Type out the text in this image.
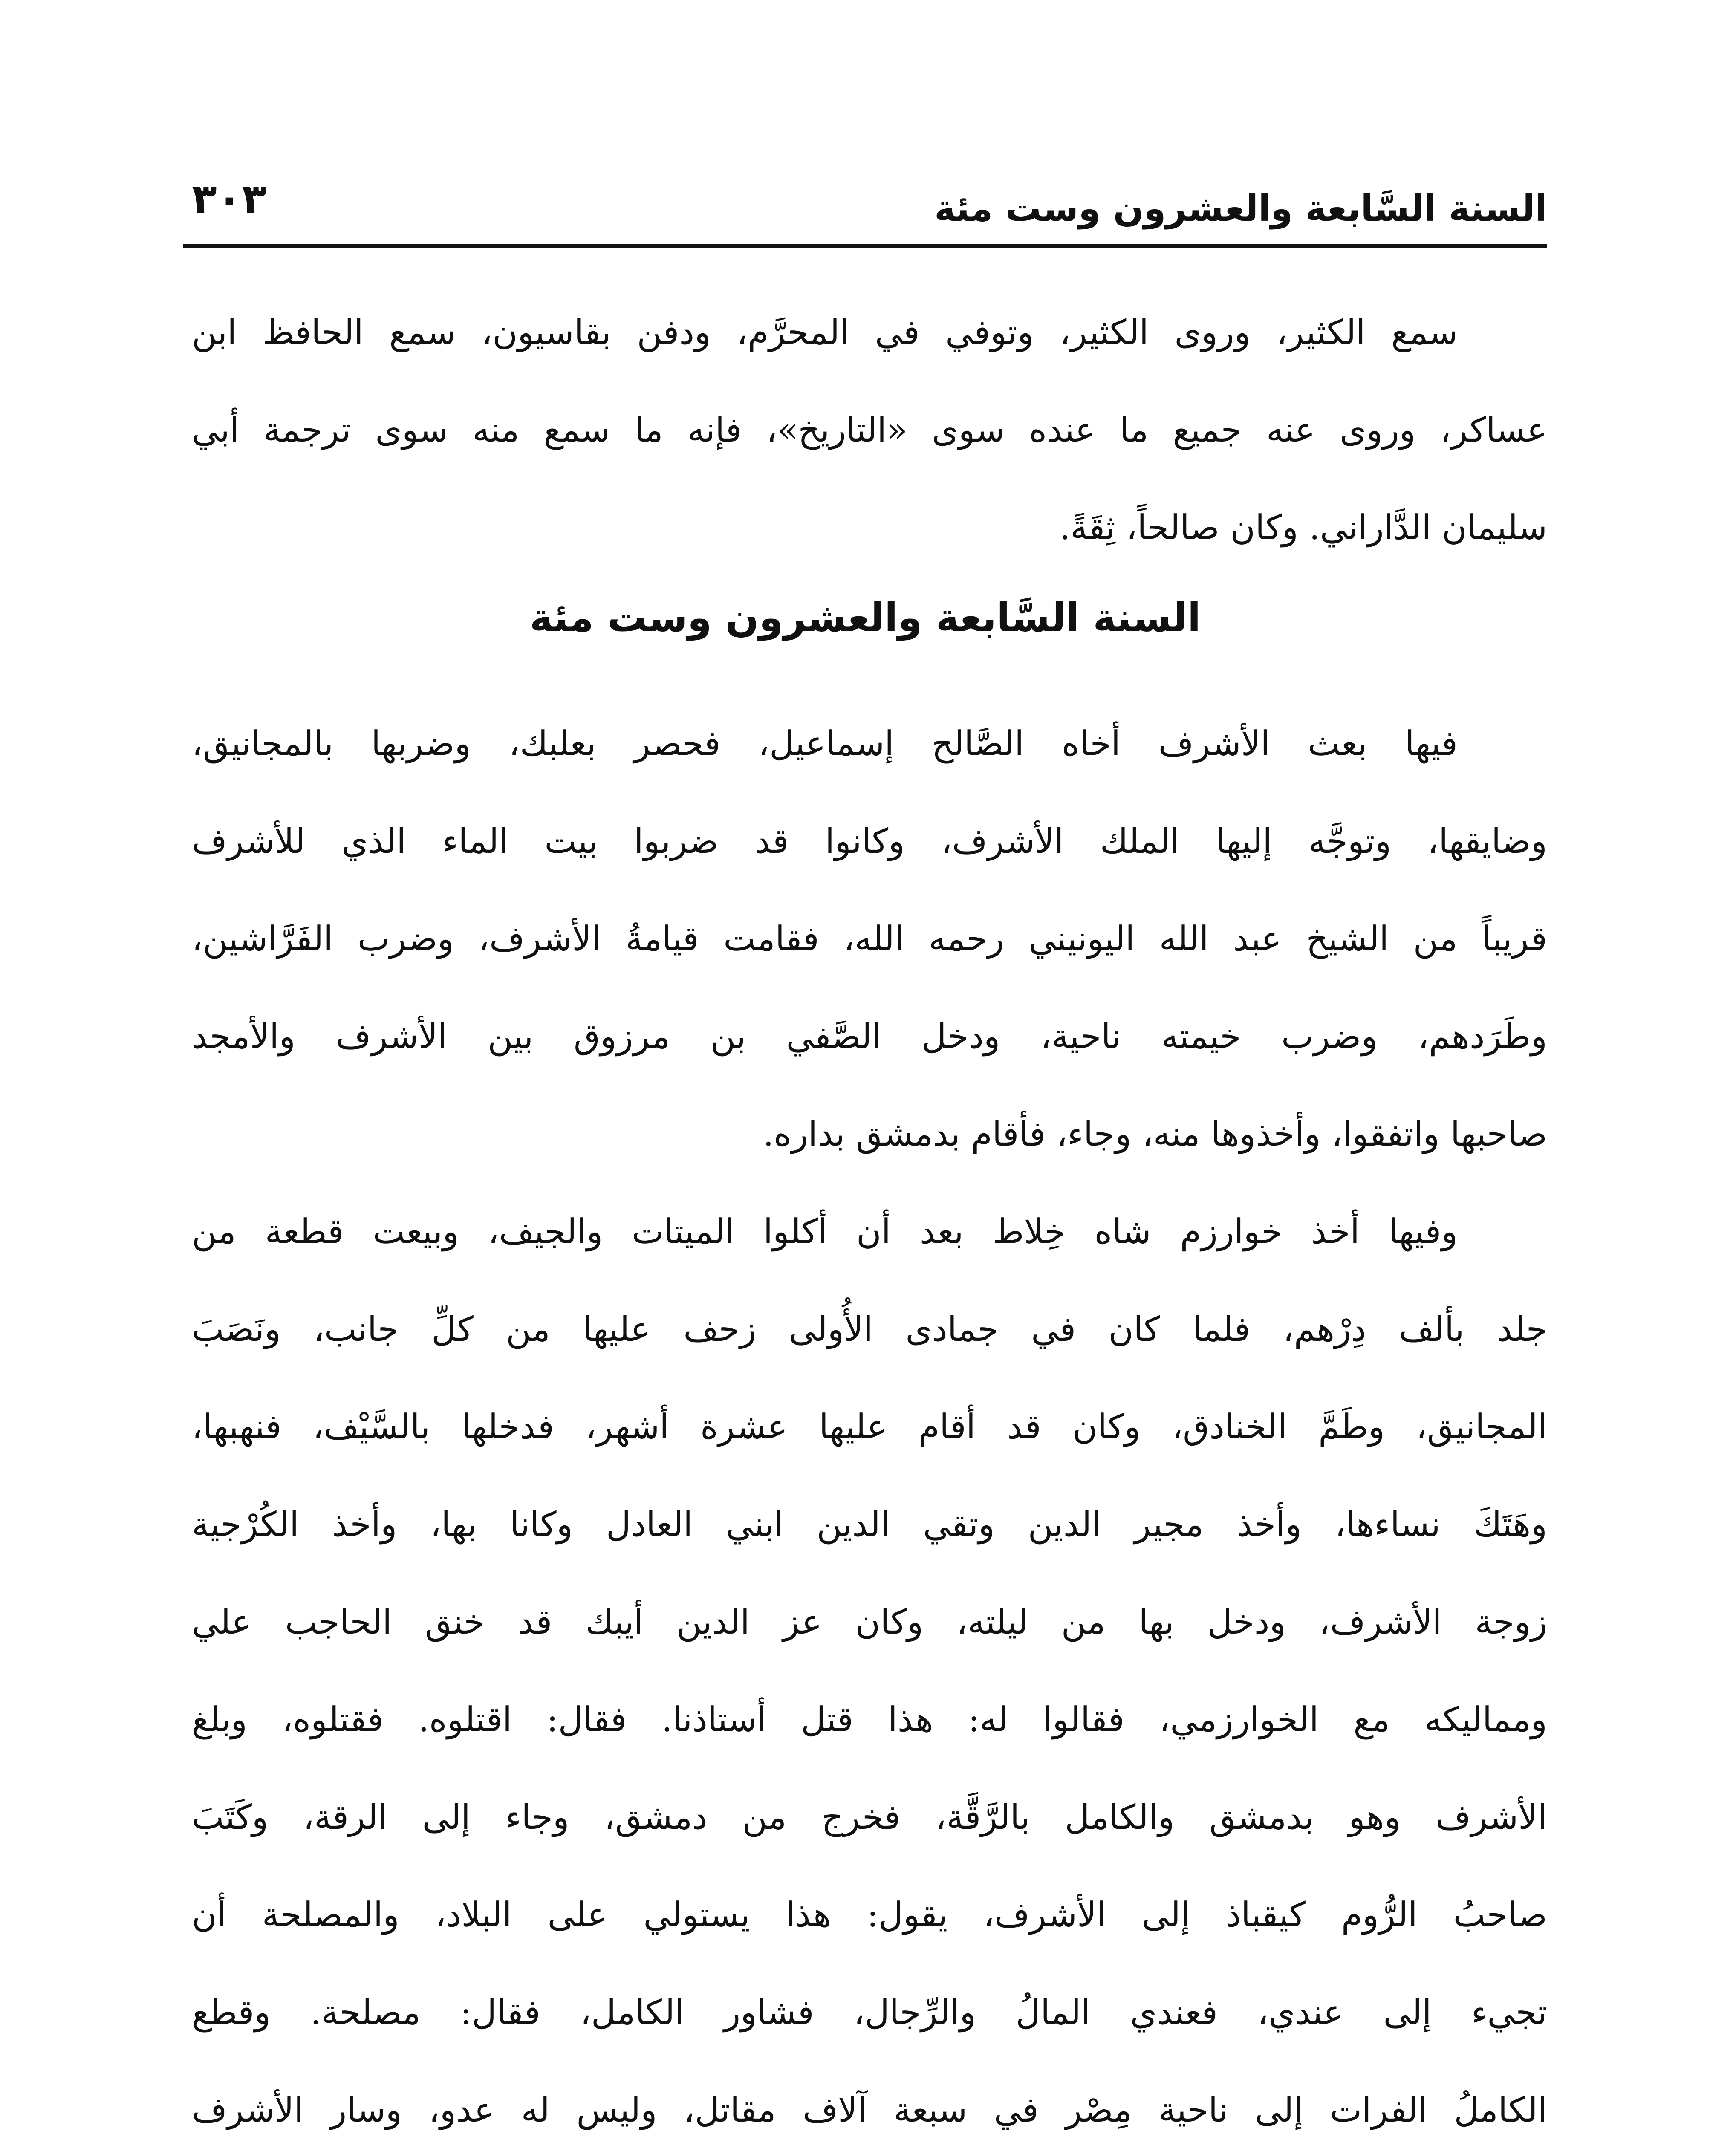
السنة السَّابعة والعشرون وست مئة
٣٠٣
سمع الكثير، وروى الكثير، وتوفي في المحرَّم، ودفن بقاسيون، سمع الحافظ ابن
عساكر، وروى عنه جميع ما عنده سوى «التاريخ»، فإنه ما سمع منه سوى ترجمة أبي
سليمان الدَّاراني. وكان صالحاً، ثِقَةً.
السنة السَّابعة والعشرون وست مئة
فيها بعث الأشرف أخاه الصَّالح إسماعيل، فحصر بعلبك، وضربها بالمجانيق،
وضايقها، وتوجَّه إليها الملك الأشرف، وكانوا قد ضربوا بيت الماء الذي للأشرف
قريباً من الشيخ عبد الله اليونيني رحمه الله، فقامت قيامةُ الأشرف، وضرب الفَرَّاشين،
وطَرَدهم، وضرب خيمته ناحية، ودخل الصَّفي بن مرزوق بين الأشرف والأمجد
صاحبها واتفقوا، وأخذوها منه، وجاء، فأقام بدمشق بداره.
وفيها أخذ خوارزم شاه خِلاط بعد أن أكلوا الميتات والجيف، وبيعت قطعة من
جلد بألف دِرْهم، فلما كان في جمادى الأُولى زحف عليها من كلِّ جانب، ونَصَبَ
المجانيق، وطَمَّ الخنادق، وكان قد أقام عليها عشرة أشهر، فدخلها بالسَّيْف، فنهبها،
وهَتَكَ نساءها، وأخذ مجير الدين وتقي الدين ابني العادل وكانا بها، وأخذ الكُرْجية
زوجة الأشرف، ودخل بها من ليلته، وكان عز الدين أيبك قد خنق الحاجب علي
ومماليكه مع الخوارزمي، فقالوا له: هذا قتل أستاذنا. فقال: اقتلوه. فقتلوه، وبلغ
الأشرف وهو بدمشق والكامل بالرَّقَّة، فخرج من دمشق، وجاء إلى الرقة، وكَتَبَ
صاحبُ الرُّوم كيقباذ إلى الأشرف، يقول: هذا يستولي على البلاد، والمصلحة أن
تجيء إلى عندي، فعندي المالُ والرِّجال، فشاور الكامل، فقال: مصلحة. وقطع
الكاملُ الفرات إلى ناحية مِصْر في سبعة آلاف مقاتل، وليس له عدو، وسار الأشرف
